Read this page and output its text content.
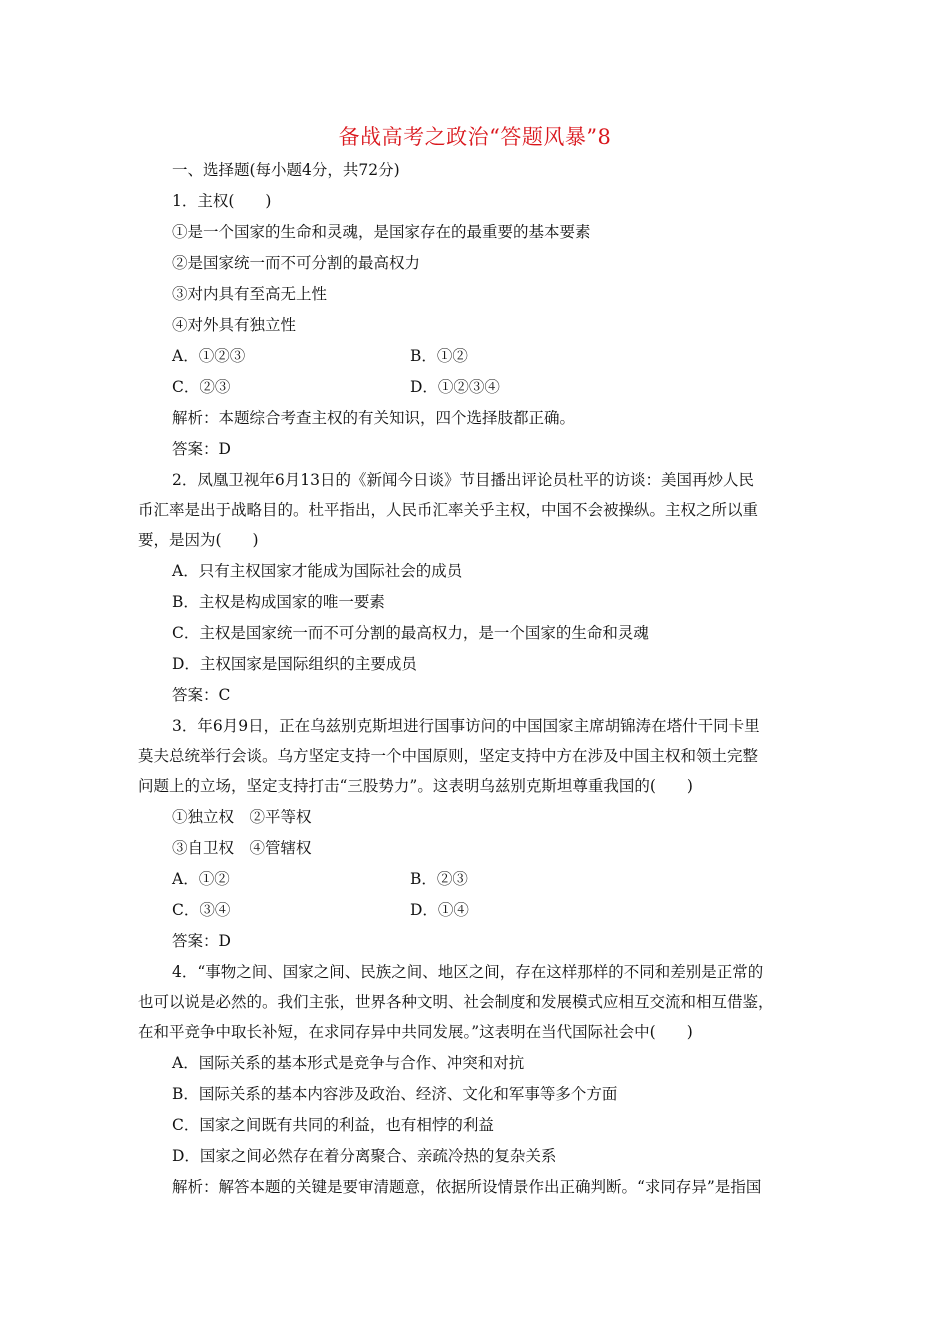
备战高考之政治“答题风暴”8
一、选择题(每小题4分，共72分)
1．主权(　　)
①是一个国家的生命和灵魂，是国家存在的最重要的基本要素
②是国家统一而不可分割的最高权力
③对内具有至高无上性
④对外具有独立性
A．①②③	B．①②
C．②③	D．①②③④
解析：本题综合考查主权的有关知识，四个选择肢都正确。
答案：D
2．凤凰卫视年6月13日的《新闻今日谈》节目播出评论员杜平的访谈：美国再炒人民
币汇率是出于战略目的。杜平指出，人民币汇率关乎主权，中国不会被操纵。主权之所以重
要，是因为(　　)
A．只有主权国家才能成为国际社会的成员
B．主权是构成国家的唯一要素
C．主权是国家统一而不可分割的最高权力，是一个国家的生命和灵魂
D．主权国家是国际组织的主要成员
答案：C
3．年6月9日，正在乌兹别克斯坦进行国事访问的中国国家主席胡锦涛在塔什干同卡里
莫夫总统举行会谈。乌方坚定支持一个中国原则，坚定支持中方在涉及中国主权和领土完整
问题上的立场，坚定支持打击“三股势力”。这表明乌兹别克斯坦尊重我国的(　　)
①独立权　②平等权
③自卫权　④管辖权
A．①②	B．②③
C．③④	D．①④
答案：D
4．“事物之间、国家之间、民族之间、地区之间，存在这样那样的不同和差别是正常的
也可以说是必然的。我们主张，世界各种文明、社会制度和发展模式应相互交流和相互借鉴，
在和平竞争中取长补短，在求同存异中共同发展。”这表明在当代国际社会中(　　)
A．国际关系的基本形式是竞争与合作、冲突和对抗
B．国际关系的基本内容涉及政治、经济、文化和军事等多个方面
C．国家之间既有共同的利益，也有相悖的利益
D．国家之间必然存在着分离聚合、亲疏冷热的复杂关系
解析：解答本题的关键是要审清题意，依据所设情景作出正确判断。“求同存异”是指国
